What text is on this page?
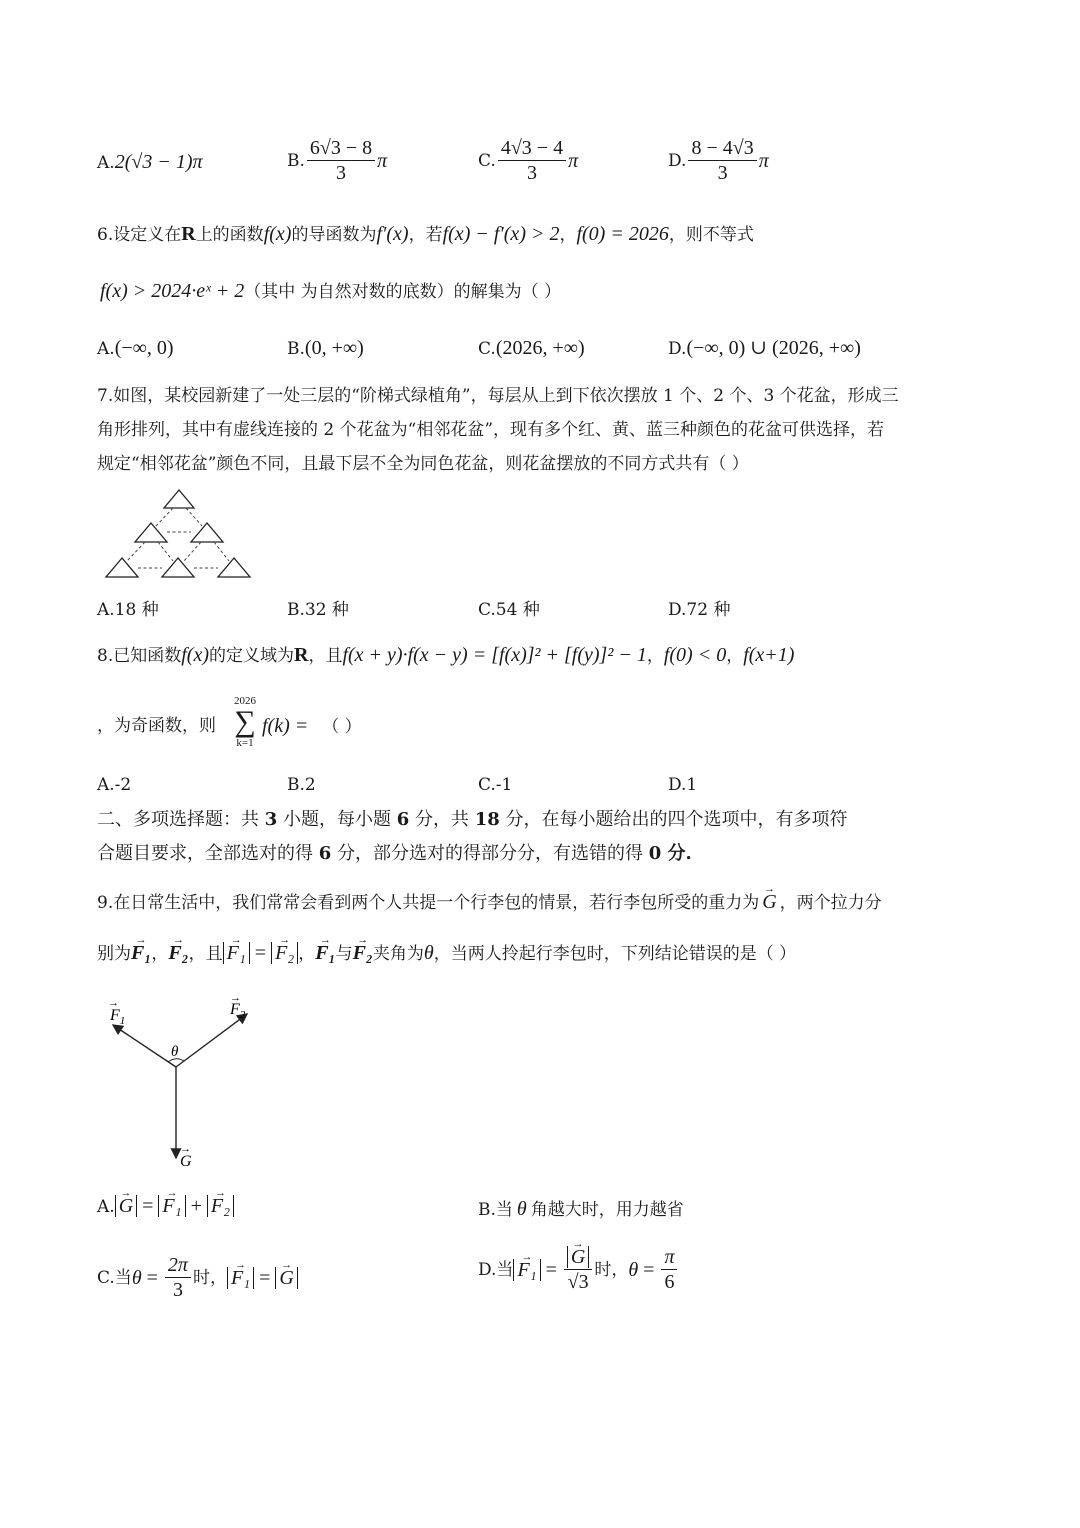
A.2(√3 − 1)π	B. $\frac{6√3 - 8}{3}$ π	C. $\frac{4√3 - 4}{3}$ π	D. $\frac{8 - 4√3}{3}$ π
6.设定义在R上的函数f(x)的导函数为f′(x)，若f(x) − f′(x) > 2，f(0) = 2026，则不等式
f(x) > 2024·eˣ + 2（其中 为自然对数的底数）的解集为（ ）
A.(−∞, 0)	B.(0, +∞)	C.(2026, +∞)	D.(−∞, 0) ∪ (2026, +∞)
7.如图，某校园新建了一处三层的“阶梯式绿植角”，每层从上到下依次摆放 1 个、2 个、3 个花盆，形成三
角形排列，其中有虚线连接的 2 个花盆为“相邻花盆”，现有多个红、黄、蓝三种颜色的花盆可供选择，若
规定“相邻花盆”颜色不同，且最下层不全为同色花盆，则花盆摆放的不同方式共有（ ）
A.18 种	B.32 种	C.54 种	D.72 种
8.已知函数f(x)的定义域为R，且f(x + y)·f(x − y) = [f(x)]² + [f(y)]² − 1，f(0) < 0，f(x+1)
，为奇函数，则
2026
∑
k=1
f(k) = （ ）
A.-2	B.2	C.-1	D.1
二、多项选择题：共 3 小题，每小题 6 分，共 18 分，在每小题给出的四个选项中，有多项符
合题目要求，全部选对的得 6 分，部分选对的得部分分，有选错的得 0 分.
9.在日常生活中，我们常常会看到两个人共提一个行李包的情景，若行李包所受的重力为 → G ，两个拉力分
别为→ F₁，→ F₂，且 → F₁ = → F₂ ，→ F₁与→ F₂夹角为θ，当两人拎起行李包时，下列结论错误的是（ ）
$F_1$
→	$F_2$
→
θ
G
→
A. → G = → F₁ + → F₂	B.当 θ 角越大时，用力越省
C.当$\theta = \frac{2\pi}{3}$ 时， → F₁ = → G	D.当 → F₁ = → $\frac{G}{√3}$ 时，$\theta = \frac{\pi}{6}$
